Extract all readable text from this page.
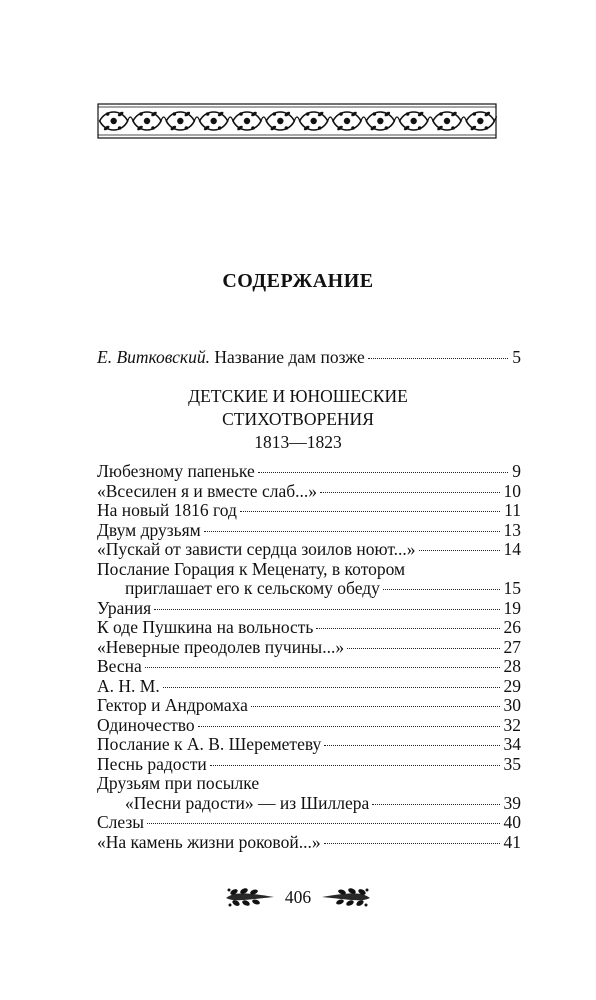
СОДЕРЖАНИЕ
Е. Витковский.
Название дам позже	5
ДЕТСКИЕ И ЮНОШЕСКИЕ
СТИХОТВОРЕНИЯ
1813—1823
Любезному папеньке	9
«Всесилен я и вместе слаб...»	10
На новый 1816 год	11
Двум друзьям	13
«Пускай от зависти сердца зоилов ноют...»	14
Послание Горация к Меценату, в котором
приглашает его к сельскому обеду	15
Урания	19
К оде Пушкина на вольность	26
«Неверные преодолев пучины...»	27
Весна	28
А. Н. М.	29
Гектор и Андромаха	30
Одиночество	32
Послание к А. В. Шереметеву	34
Песнь радости	35
Друзьям при посылке
«Песни радости» — из Шиллера	39
Слезы	40
«На камень жизни роковой...»	41
406
